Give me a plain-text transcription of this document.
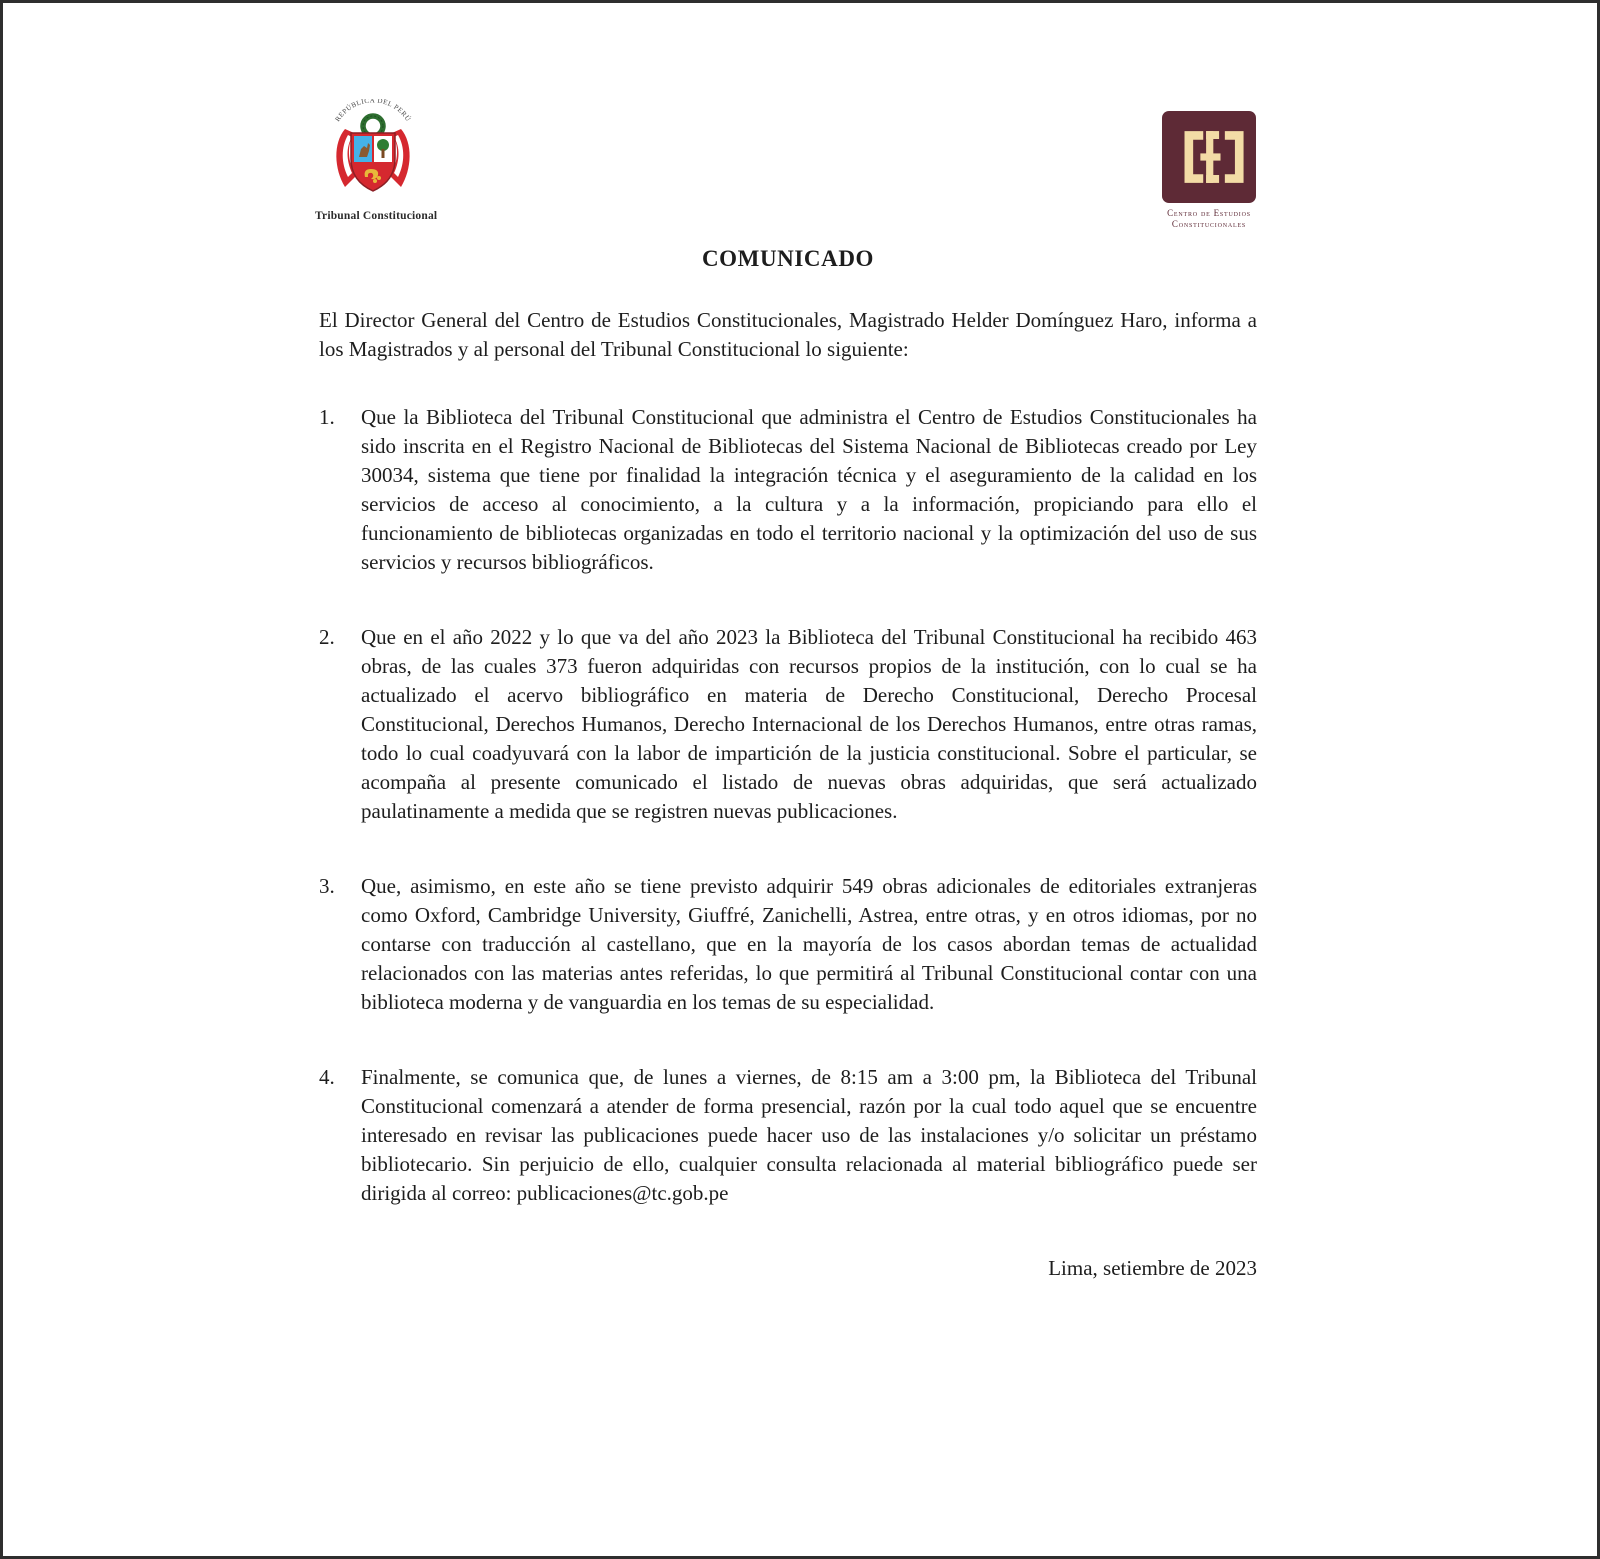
REPÚBLICA DEL PERÚ
Tribunal Constitucional	Centro de Estudios
Constitucionales
COMUNICADO

El Director General del Centro de Estudios Constitucionales, Magistrado Helder Domínguez Haro, informa a los Magistrados y al personal del Tribunal Constitucional lo siguiente:

1.	Que la Biblioteca del Tribunal Constitucional que administra el Centro de Estudios Constitucionales ha sido inscrita en el Registro Nacional de Bibliotecas del Sistema Nacional de Bibliotecas creado por Ley 30034, sistema que tiene por finalidad la integración técnica y el aseguramiento de la calidad en los servicios de acceso al conocimiento, a la cultura y a la información, propiciando para ello el funcionamiento de bibliotecas organizadas en todo el territorio nacional y la optimización del uso de sus servicios y recursos bibliográficos.
2.	Que en el año 2022 y lo que va del año 2023 la Biblioteca del Tribunal Constitucional ha recibido 463 obras, de las cuales 373 fueron adquiridas con recursos propios de la institución, con lo cual se ha actualizado el acervo bibliográfico en materia de Derecho Constitucional, Derecho Procesal Constitucional, Derechos Humanos, Derecho Internacional de los Derechos Humanos, entre otras ramas, todo lo cual coadyuvará con la labor de impartición de la justicia constitucional. Sobre el particular, se acompaña al presente comunicado el listado de nuevas obras adquiridas, que será actualizado paulatinamente a medida que se registren nuevas publicaciones.
3.	Que, asimismo, en este año se tiene previsto adquirir 549 obras adicionales de editoriales extranjeras como Oxford, Cambridge University, Giuffré, Zanichelli, Astrea, entre otras, y en otros idiomas, por no contarse con traducción al castellano, que en la mayoría de los casos abordan temas de actualidad relacionados con las materias antes referidas, lo que permitirá al Tribunal Constitucional contar con una biblioteca moderna y de vanguardia en los temas de su especialidad.
4.	Finalmente, se comunica que, de lunes a viernes, de 8:15 am a 3:00 pm, la Biblioteca del Tribunal Constitucional comenzará a atender de forma presencial, razón por la cual todo aquel que se encuentre interesado en revisar las publicaciones puede hacer uso de las instalaciones y/o solicitar un préstamo bibliotecario. Sin perjuicio de ello, cualquier consulta relacionada al material bibliográfico puede ser dirigida al correo: publicaciones@tc.gob.pe
Lima, setiembre de 2023
